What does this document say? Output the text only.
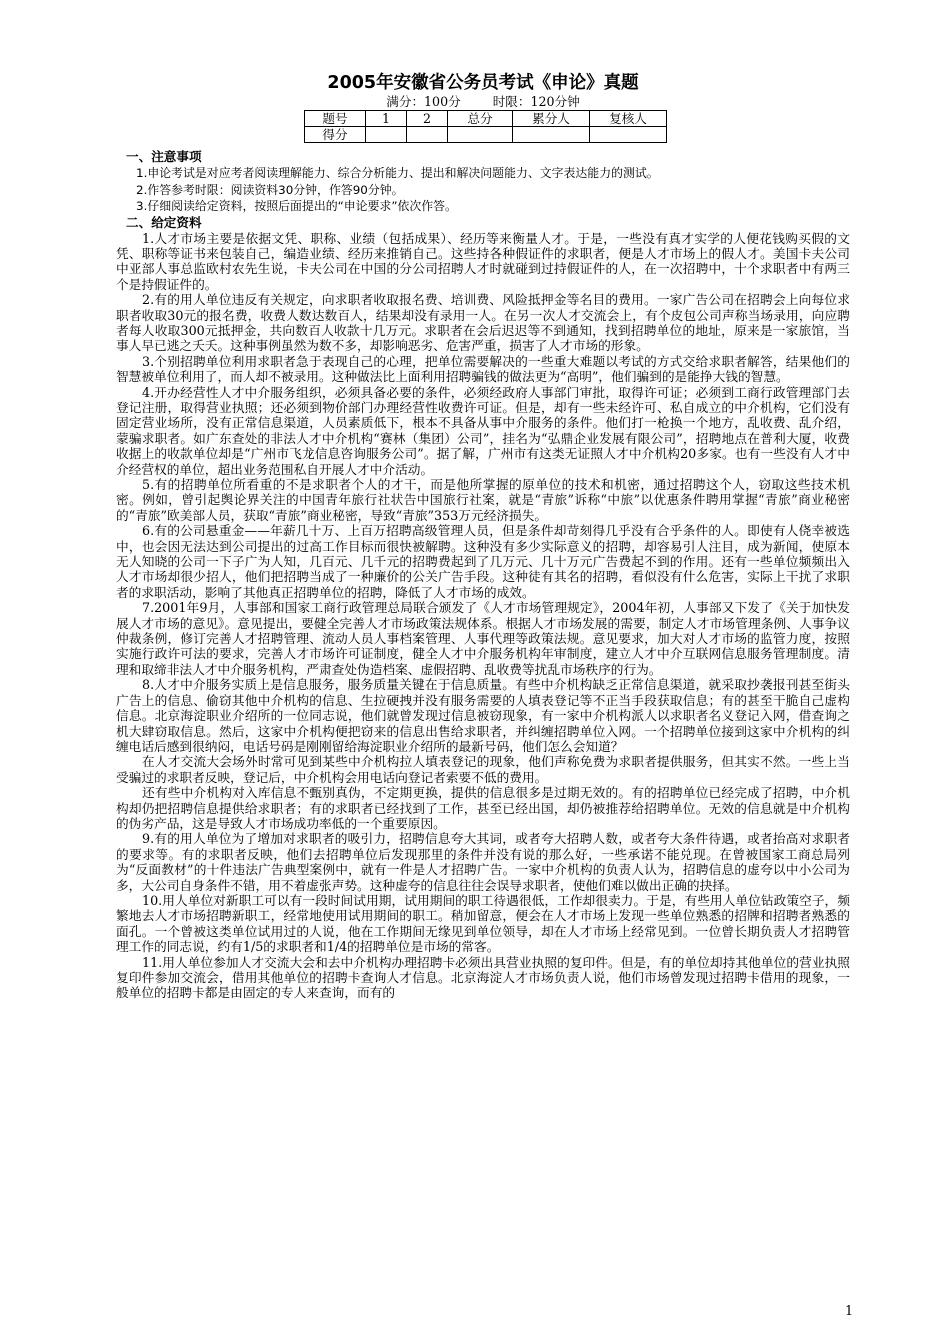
2005年安徽省公务员考试《申论》真题

满分：100分	时限：120分钟

题号	1	2	总分	累分人	复核人
得分					
一、注意事项
1.申论考试是对应考者阅读理解能力、综合分析能力、提出和解决问题能力、文字表达能力的测试。
2.作答参考时限：阅读资料30分钟，作答90分钟。
3.仔细阅读给定资料，按照后面提出的“申论要求”依次作答。
二、给定资料

1.人才市场主要是依据文凭、职称、业绩（包括成果）、经历等来衡量人才。于是，一些没有真才实学的人便花钱购买假的文凭、职称等证书来包装自己，编造业绩、经历来推销自己。这些持各种假证件的求职者，便是人才市场上的假人才。美国卡夫公司中亚部人事总监欧村农先生说，卡夫公司在中国的分公司招聘人才时就碰到过持假证件的人，在一次招聘中，十个求职者中有两三个是持假证件的。

2.有的用人单位违反有关规定，向求职者收取报名费、培训费、风险抵押金等名目的费用。一家广告公司在招聘会上向每位求职者收取30元的报名费，收费人数达数百人，结果却没有录用一人。在另一次人才交流会上，有个皮包公司声称当场录用，向应聘者每人收取300元抵押金，共向数百人收款十几万元。求职者在会后迟迟等不到通知，找到招聘单位的地址，原来是一家旅馆，当事人早已逃之夭夭。这种事例虽然为数不多，却影响恶劣、危害严重，损害了人才市场的形象。

3.个别招聘单位利用求职者急于表现自己的心理，把单位需要解决的一些重大难题以考试的方式交给求职者解答，结果他们的智慧被单位利用了，而人却不被录用。这种做法比上面利用招聘骗钱的做法更为“高明”，他们骗到的是能挣大钱的智慧。

4.开办经营性人才中介服务组织，必须具备必要的条件，必须经政府人事部门审批，取得许可证；必须到工商行政管理部门去登记注册，取得营业执照；还必须到物价部门办理经营性收费许可证。但是，却有一些未经许可、私自成立的中介机构，它们没有固定营业场所，没有正常信息渠道，人员素质低下，根本不具备从事中介服务的条件。他们打一枪换一个地方，乱收费、乱介绍，蒙骗求职者。如广东查处的非法人才中介机构“赛林（集团）公司”，挂名为“弘鼎企业发展有限公司”，招聘地点在普利大厦，收费收据上的收款单位却是“广州市飞龙信息咨询服务公司”。据了解，广州市有这类无证照人才中介机构20多家。也有一些没有人才中介经营权的单位，超出业务范围私自开展人才中介活动。

5.有的招聘单位所看重的不是求职者个人的才干，而是他所掌握的原单位的技术和机密，通过招聘这个人，窃取这些技术机密。例如，曾引起舆论界关注的中国青年旅行社状告中国旅行社案，就是“青旅”诉称“中旅”以优惠条件聘用掌握“青旅”商业秘密的“青旅”欧美部人员，获取“青旅”商业秘密，导致“青旅”353万元经济损失。

6.有的公司悬重金——年薪几十万、上百万招聘高级管理人员，但是条件却苛刻得几乎没有合乎条件的人。即使有人侥幸被选中，也会因无法达到公司提出的过高工作目标而很快被解聘。这种没有多少实际意义的招聘，却容易引人注目，成为新闻，使原本无人知晓的公司一下子广为人知，几百元、几千元的招聘费起到了几万元、几十万元广告费起不到的作用。还有一些单位频频出入人才市场却很少招人，他们把招聘当成了一种廉价的公关广告手段。这种徒有其名的招聘，看似没有什么危害，实际上干扰了求职者的求职活动，影响了其他真正招聘单位的招聘，降低了人才市场的成效。

7.2001年9月，人事部和国家工商行政管理总局联合颁发了《人才市场管理规定》，2004年初，人事部又下发了《关于加快发展人才市场的意见》。意见提出，要健全完善人才市场政策法规体系。根据人才市场发展的需要，制定人才市场管理条例、人事争议仲裁条例，修订完善人才招聘管理、流动人员人事档案管理、人事代理等政策法规。意见要求，加大对人才市场的监管力度，按照实施行政许可法的要求，完善人才市场许可证制度，健全人才中介服务机构年审制度，建立人才中介互联网信息服务管理制度。清理和取缔非法人才中介服务机构，严肃查处伪造档案、虚假招聘、乱收费等扰乱市场秩序的行为。

8.人才中介服务实质上是信息服务，服务质量关键在于信息质量。有些中介机构缺乏正常信息渠道，就采取抄袭报刊甚至街头广告上的信息、偷窃其他中介机构的信息、生拉硬拽并没有服务需要的人填表登记等不正当手段获取信息；有的甚至干脆自己虚构信息。北京海淀职业介绍所的一位同志说，他们就曾发现过信息被窃现象，有一家中介机构派人以求职者名义登记入网，借查询之机大肆窃取信息。然后，这家中介机构便把窃来的信息出售给求职者，并纠缠招聘单位入网。一个招聘单位接到这家中介机构的纠缠电话后感到很纳闷，电话号码是刚刚留给海淀职业介绍所的最新号码，他们怎么会知道？

在人才交流大会场外时常可见到某些中介机构拉人填表登记的现象，他们声称免费为求职者提供服务，但其实不然。一些上当受骗过的求职者反映，登记后，中介机构会用电话向登记者索要不低的费用。

还有些中介机构对入库信息不甄别真伪，不定期更换，提供的信息很多是过期无效的。有的招聘单位已经完成了招聘，中介机构却仍把招聘信息提供给求职者；有的求职者已经找到了工作，甚至已经出国，却仍被推荐给招聘单位。无效的信息就是中介机构的伪劣产品，这是导致人才市场成功率低的一个重要原因。

9.有的用人单位为了增加对求职者的吸引力，招聘信息夸大其词，或者夸大招聘人数，或者夸大条件待遇，或者抬高对求职者的要求等。有的求职者反映，他们去招聘单位后发现那里的条件并没有说的那么好，一些承诺不能兑现。在曾被国家工商总局列为“反面教材”的十件违法广告典型案例中，就有一件是人才招聘广告。一家中介机构的负责人认为，招聘信息的虚夸以中小公司为多，大公司自身条件不错，用不着虚张声势。这种虚夸的信息往往会误导求职者，使他们难以做出正确的抉择。

10.用人单位对新职工可以有一段时间试用期，试用期间的职工待遇很低，工作却很卖力。于是，有些用人单位钻政策空子，频繁地去人才市场招聘新职工，经常地使用试用期间的职工。稍加留意，便会在人才市场上发现一些单位熟悉的招牌和招聘者熟悉的面孔。一个曾被这类单位试用过的人说，他在工作期间无缘见到单位领导，却在人才市场上经常见到。一位曾长期负责人才招聘管理工作的同志说，约有1/5的求职者和1/4的招聘单位是市场的常客。

11.用人单位参加人才交流大会和去中介机构办理招聘卡必须出具营业执照的复印件。但是，有的单位却持其他单位的营业执照复印件参加交流会，借用其他单位的招聘卡查询人才信息。北京海淀人才市场负责人说，他们市场曾发现过招聘卡借用的现象，一般单位的招聘卡都是由固定的专人来查询，而有的

1
